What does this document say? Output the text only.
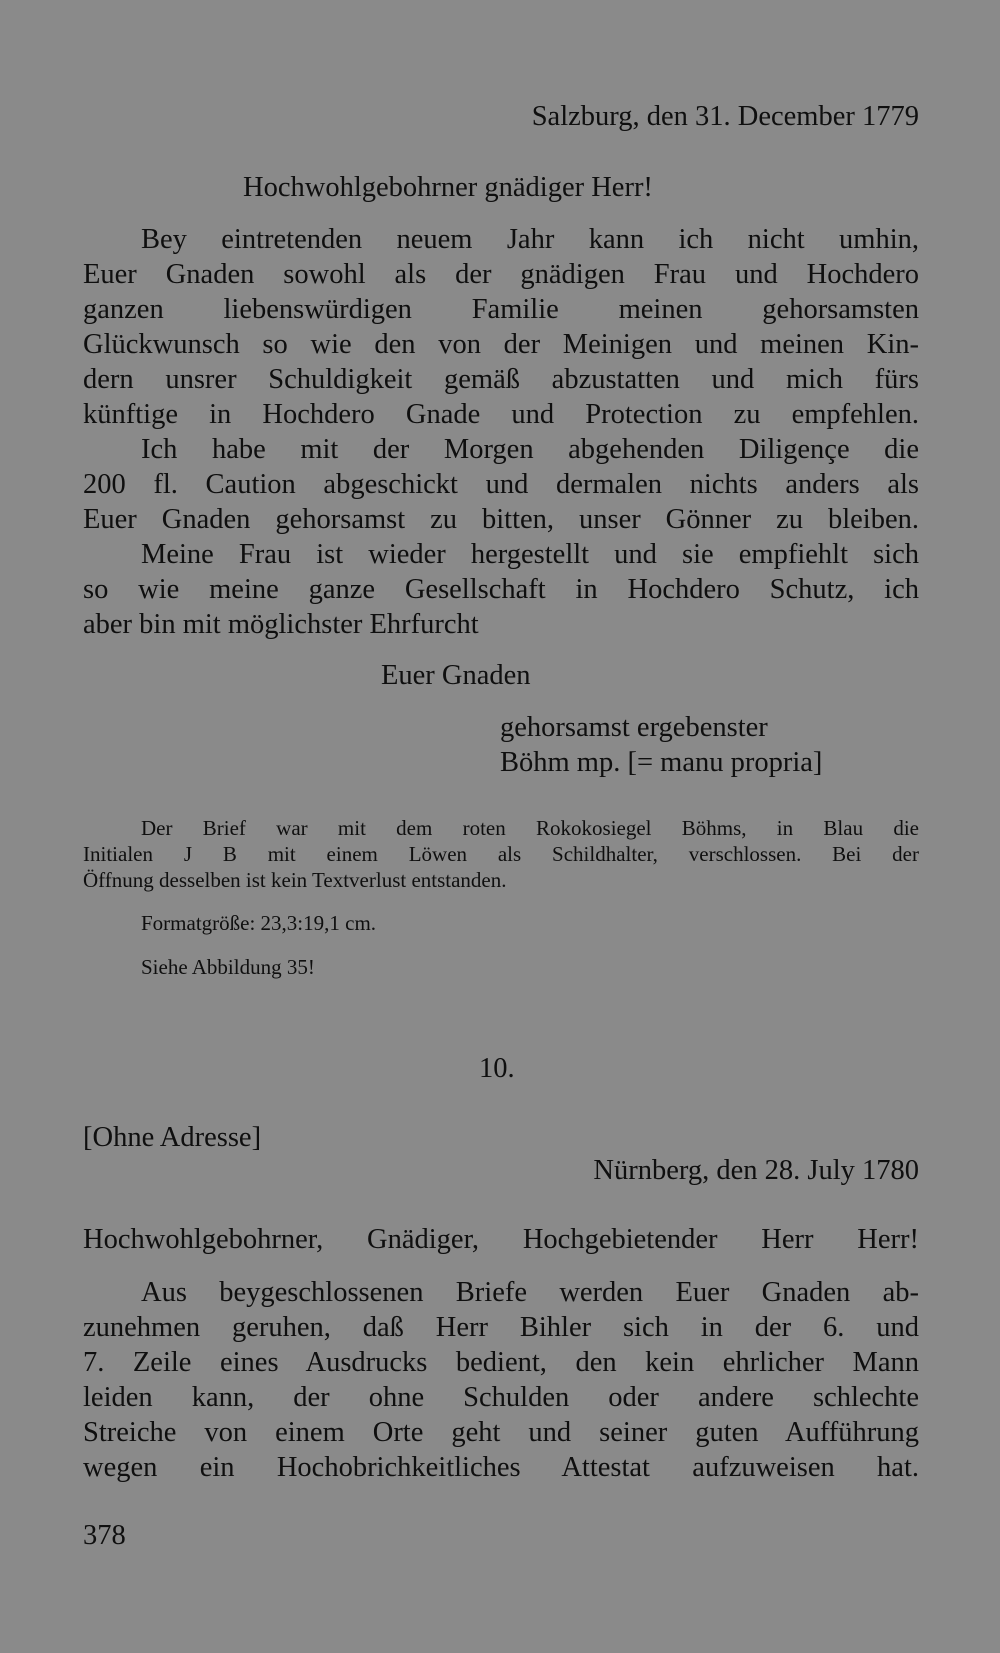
Salzburg, den 31. December 1779
Hochwohlgebohrner gnädiger Herr!
Bey eintretenden neuem Jahr kann ich nicht umhin,
Euer Gnaden sowohl als der gnädigen Frau und Hochdero
ganzen liebenswürdigen Familie meinen gehorsamsten
Glückwunsch so wie den von der Meinigen und meinen Kin-
dern unsrer Schuldigkeit gemäß abzustatten und mich fürs
künftige in Hochdero Gnade und Protection zu empfehlen.
Ich habe mit der Morgen abgehenden Diligençe die
200 fl. Caution abgeschickt und dermalen nichts anders als
Euer Gnaden gehorsamst zu bitten, unser Gönner zu bleiben.
Meine Frau ist wieder hergestellt und sie empfiehlt sich
so wie meine ganze Gesellschaft in Hochdero Schutz, ich
aber bin mit möglichster Ehrfurcht
Euer Gnaden
gehorsamst ergebenster
Böhm mp. [= manu propria]
Der Brief war mit dem roten Rokokosiegel Böhms, in Blau die
Initialen J B mit einem Löwen als Schildhalter, verschlossen. Bei der
Öffnung desselben ist kein Textverlust entstanden.
Formatgröße: 23,3:19,1 cm.
Siehe Abbildung 35!
10.
[Ohne Adresse]
Nürnberg, den 28. July 1780
Hochwohlgebohrner, Gnädiger, Hochgebietender Herr Herr!
Aus beygeschlossenen Briefe werden Euer Gnaden ab-
zunehmen geruhen, daß Herr Bihler sich in der 6. und
7. Zeile eines Ausdrucks bedient, den kein ehrlicher Mann
leiden kann, der ohne Schulden oder andere schlechte
Streiche von einem Orte geht und seiner guten Aufführung
wegen ein Hochobrichkeitliches Attestat aufzuweisen hat.
378
